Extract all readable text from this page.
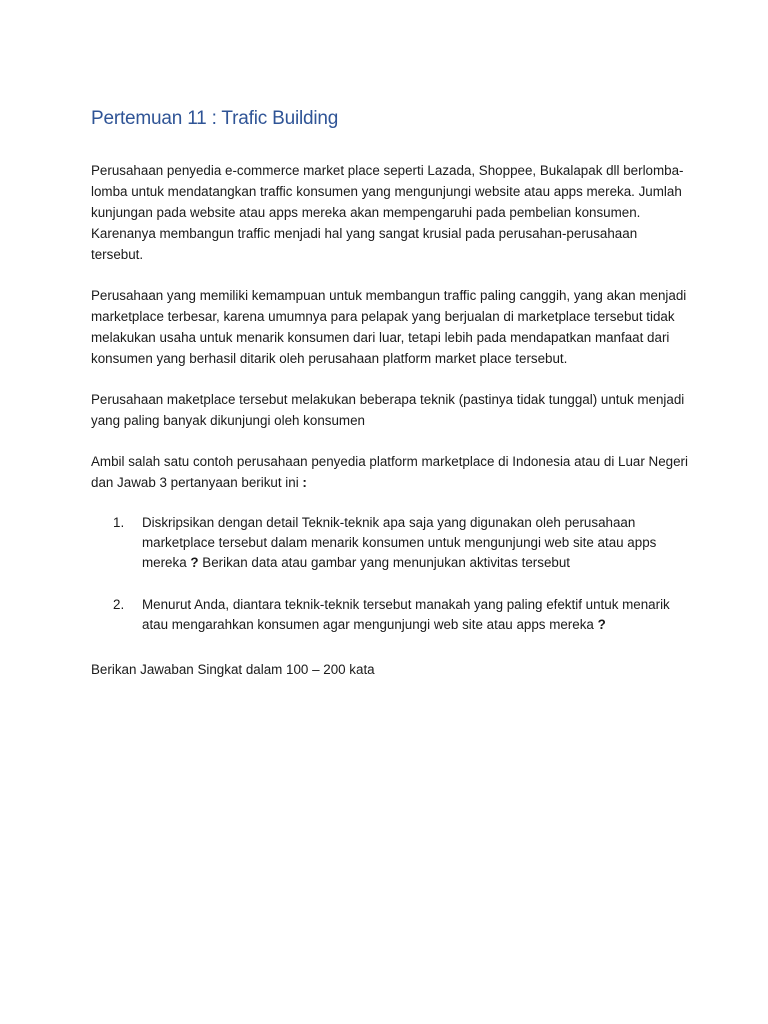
Pertemuan 11 : Trafic Building

Perusahaan penyedia e-commerce market place seperti Lazada, Shoppee, Bukalapak dll berlomba-lomba untuk mendatangkan traffic konsumen yang mengunjungi website atau apps mereka. Jumlah kunjungan pada website atau apps mereka akan mempengaruhi pada pembelian konsumen. Karenanya membangun traffic menjadi hal yang sangat krusial pada perusahan-perusahaan tersebut.

Perusahaan yang memiliki kemampuan untuk membangun traffic paling canggih, yang akan menjadi marketplace terbesar, karena umumnya para pelapak yang berjualan di marketplace tersebut tidak melakukan usaha untuk menarik konsumen dari luar, tetapi lebih pada mendapatkan manfaat dari konsumen yang berhasil ditarik oleh perusahaan platform market place tersebut.

Perusahaan maketplace tersebut melakukan beberapa teknik (pastinya tidak tunggal) untuk menjadi yang paling banyak dikunjungi oleh konsumen

Ambil salah satu contoh perusahaan penyedia platform marketplace di Indonesia atau di Luar Negeri dan Jawab 3 pertanyaan berikut ini :

1. Diskripsikan dengan detail Teknik-teknik apa saja yang digunakan oleh perusahaan marketplace tersebut dalam menarik konsumen untuk mengunjungi web site atau apps mereka ? Berikan data atau gambar yang menunjukan aktivitas tersebut
2. Menurut Anda, diantara teknik-teknik tersebut manakah yang paling efektif untuk menarik atau mengarahkan konsumen agar mengunjungi web site atau apps mereka ?

Berikan Jawaban Singkat dalam 100 – 200 kata
